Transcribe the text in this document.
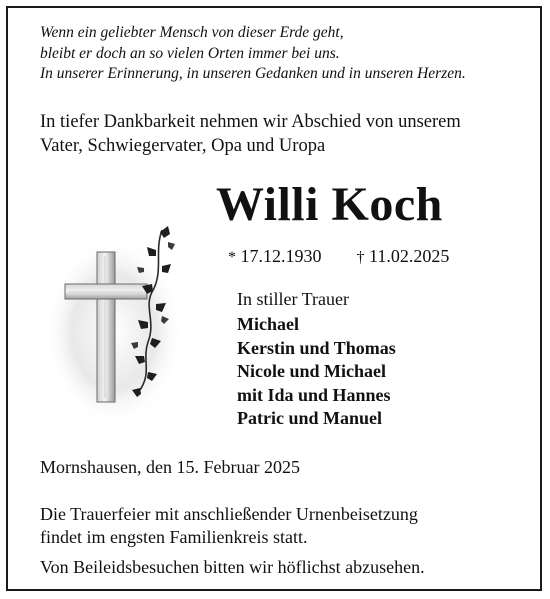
Wenn ein geliebter Mensch von dieser Erde geht,
bleibt er doch an so vielen Orten immer bei uns.
In unserer Erinnerung, in unseren Gedanken und in unseren Herzen.
In tiefer Dankbarkeit nehmen wir Abschied von unserem
Vater, Schwiegervater, Opa und Uropa
Willi Koch
* 17.12.1930 † 11.02.2025
In stiller Trauer
Michael
Kerstin und Thomas
Nicole und Michael
mit Ida und Hannes
Patric und Manuel
Mornshausen, den 15. Februar 2025
Die Trauerfeier mit anschließender Urnenbeisetzung
findet im engsten Familienkreis statt.
Von Beileidsbesuchen bitten wir höflichst abzusehen.
